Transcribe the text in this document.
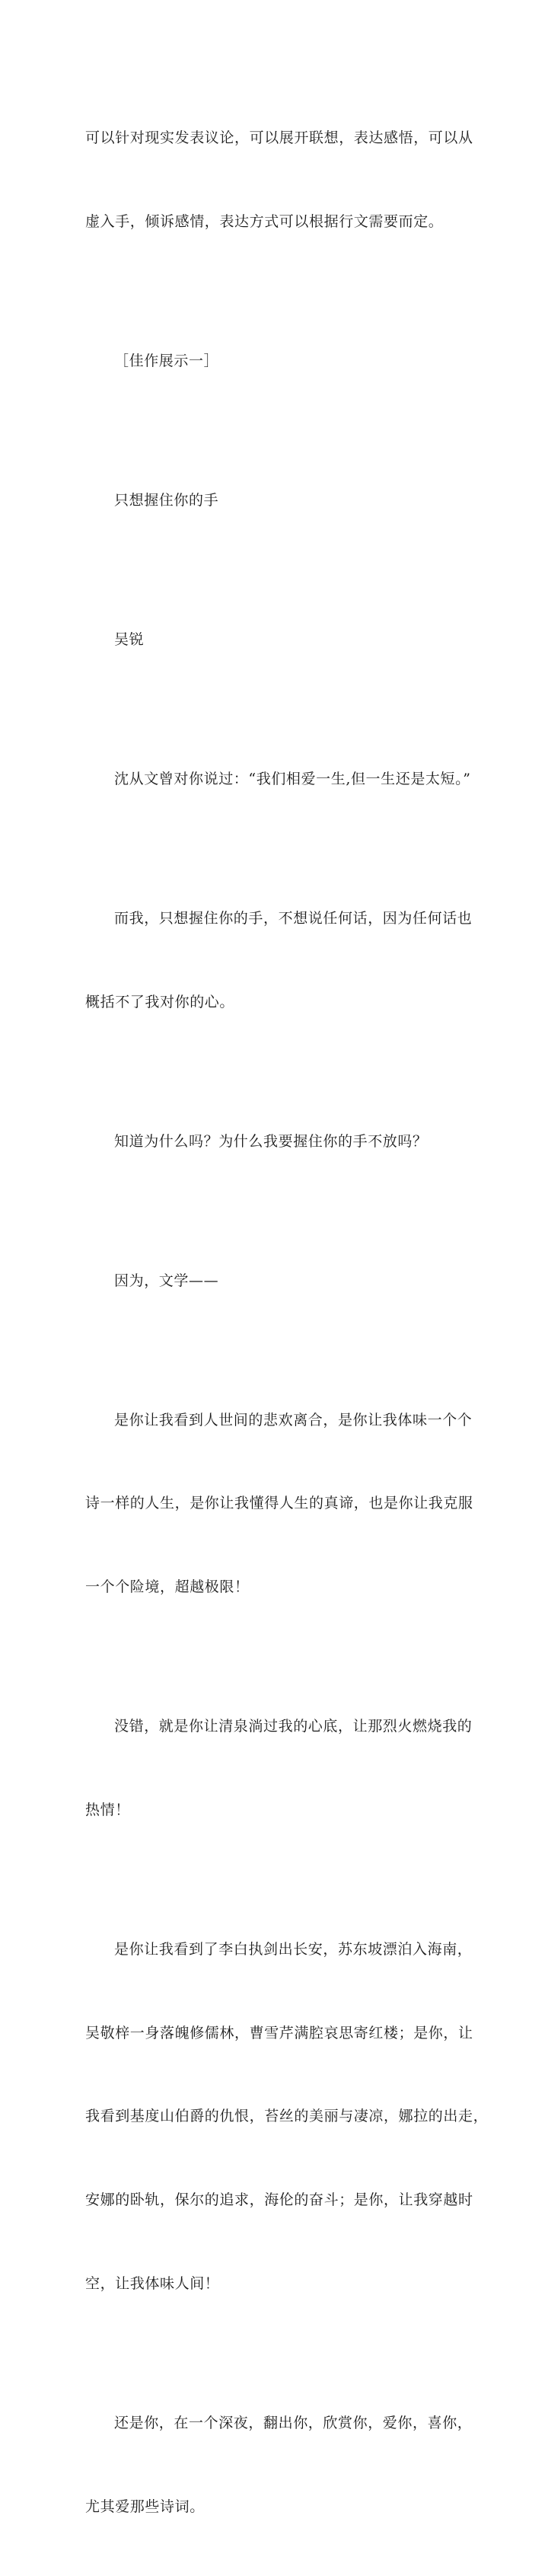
可以针对现实发表议论，可以展开联想，表达感悟，可以从

虚入手，倾诉感情，表达方式可以根据行文需要而定。

［佳作展示一］

只想握住你的手

吴锐

沈从文曾对你说过：“我们相爱一生,但一生还是太短。”

而我，只想握住你的手，不想说任何话，因为任何话也

概括不了我对你的心。

知道为什么吗？为什么我要握住你的手不放吗？

因为，文学——

是你让我看到人世间的悲欢离合，是你让我体味一个个

诗一样的人生，是你让我懂得人生的真谛，也是你让我克服

一个个险境，超越极限！

没错，就是你让清泉淌过我的心底，让那烈火燃烧我的

热情！

是你让我看到了李白执剑出长安，苏东坡漂泊入海南，

吴敬梓一身落魄修儒林，曹雪芹满腔哀思寄红楼；是你，让

我看到基度山伯爵的仇恨，苔丝的美丽与凄凉，娜拉的出走，

安娜的卧轨，保尔的追求，海伦的奋斗；是你，让我穿越时

空，让我体味人间！

还是你，在一个深夜，翻出你，欣赏你，爱你，喜你，

尤其爱那些诗词。
